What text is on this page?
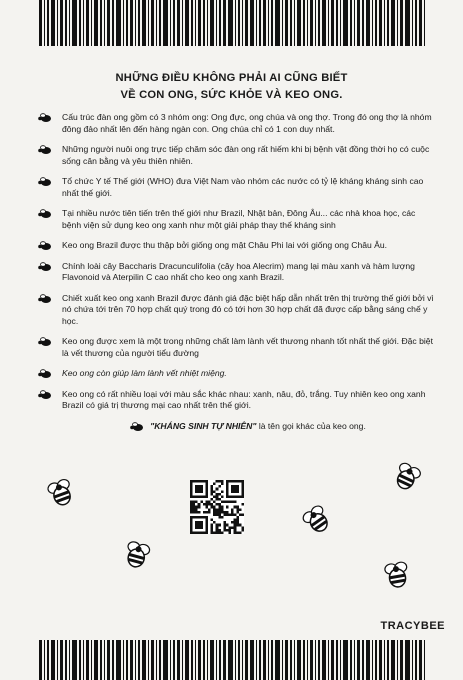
NHỮNG ĐIỀU KHÔNG PHẢI AI CŨNG BIẾT
VỀ CON ONG, SỨC KHỎE VÀ KEO ONG.
Cấu trúc đàn ong gồm có 3 nhóm ong: Ong đực, ong chúa và ong thợ. Trong đó ong thợ là nhóm đông đảo nhất lên đến hàng ngàn con. Ong chúa chỉ có 1 con duy nhất.
Những người nuôi ong trực tiếp chăm sóc đàn ong rất hiếm khi bị bệnh vặt đồng thời họ có cuộc sống cân bằng và yêu thiên nhiên.
Tổ chức Y tế Thế giới (WHO) đưa Việt Nam vào nhóm các nước có tỷ lệ kháng kháng sinh cao nhất thế giới.
Tại nhiều nước tiên tiến trên thế giới như Brazil, Nhật bản, Đông Âu... các nhà khoa học, các bệnh viện sử dụng keo ong xanh như một giải pháp thay thế kháng sinh
Keo ong Brazil được thu thập bởi giống ong mật Châu Phi lai với giống ong Châu Âu.
Chính loài cây Baccharis Dracunculifolia (cây hoa Alecrim) mang lại màu xanh và hàm lượng Flavonoid và Aterpilin C cao nhất cho keo ong xanh Brazil.
Chiết xuất keo ong xanh Brazil được đánh giá đặc biệt hấp dẫn nhất trên thị trường thế giới bởi vì nó chứa tới trên 70 hợp chất quý trong đó có tới hơn 30 hợp chất đã được cấp bằng sáng chế y học.
Keo ong được xem là một trong những chất làm lành vết thương nhanh tốt nhất thế giới. Đặc biệt là vết thương của người tiểu đường
Keo ong còn giúp làm lành vết nhiệt miệng.
Keo ong có rất nhiều loại với màu sắc khác nhau: xanh, nâu, đỏ, trắng. Tuy nhiên keo ong xanh Brazil có giá trị thương mại cao nhất trên thế giới.
"KHÁNG SINH TỰ NHIÊN" là tên gọi khác của keo ong.
TRACYBEE
